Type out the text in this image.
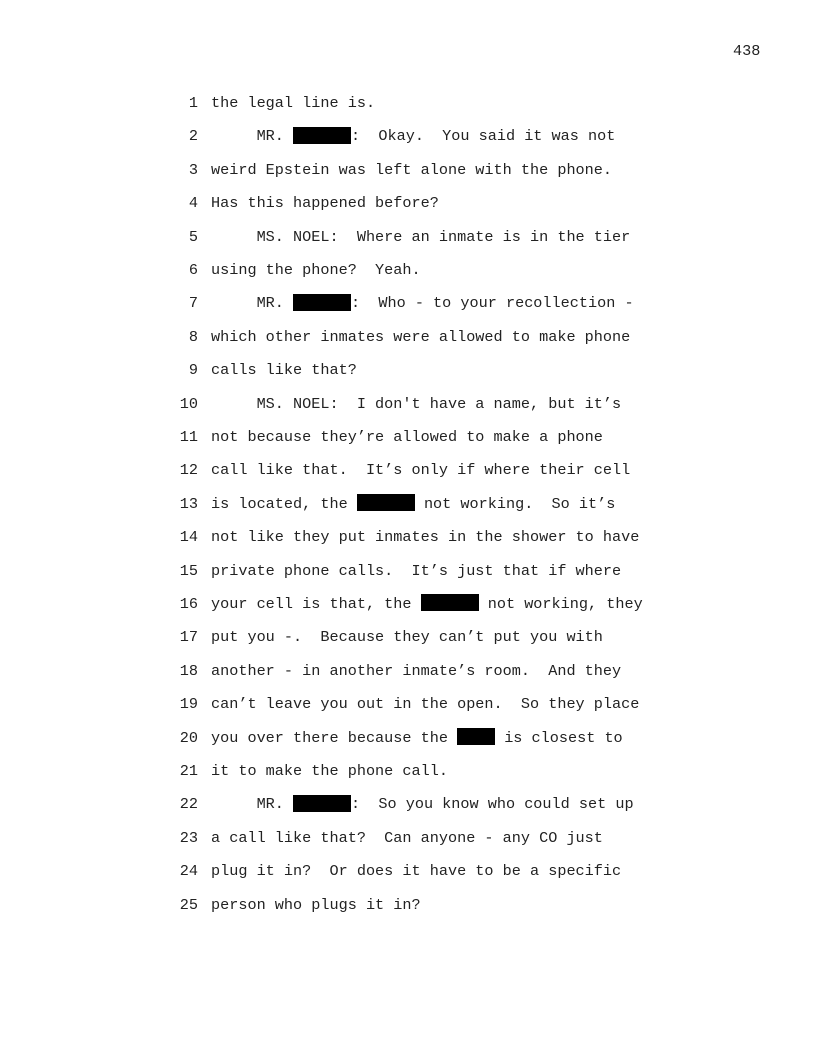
438
1 the legal line is.
2 MR.	:  Okay.  You said it was not
3 weird Epstein was left alone with the phone.
4 Has this happened before?
5 MS. NOEL:  Where an inmate is in the tier
6 using the phone?  Yeah.
7 MR.	:  Who - to your recollection -
8 which other inmates were allowed to make phone
9 calls like that?
10 MS. NOEL:  I don't have a name, but it’s
11 not because they’re allowed to make a phone
12 call like that.  It’s only if where their cell
13 is located, the	not working.  So it’s
14 not like they put inmates in the shower to have
15 private phone calls.  It’s just that if where
16 your cell is that, the	not working, they
17 put you -.  Because they can’t put you with
18 another - in another inmate’s room.  And they
19 can’t leave you out in the open.  So they place
20 you over there because the	is closest to
21 it to make the phone call.
22 MR.	:  So you know who could set up
23 a call like that?  Can anyone - any CO just
24 plug it in?  Or does it have to be a specific
25 person who plugs it in?
